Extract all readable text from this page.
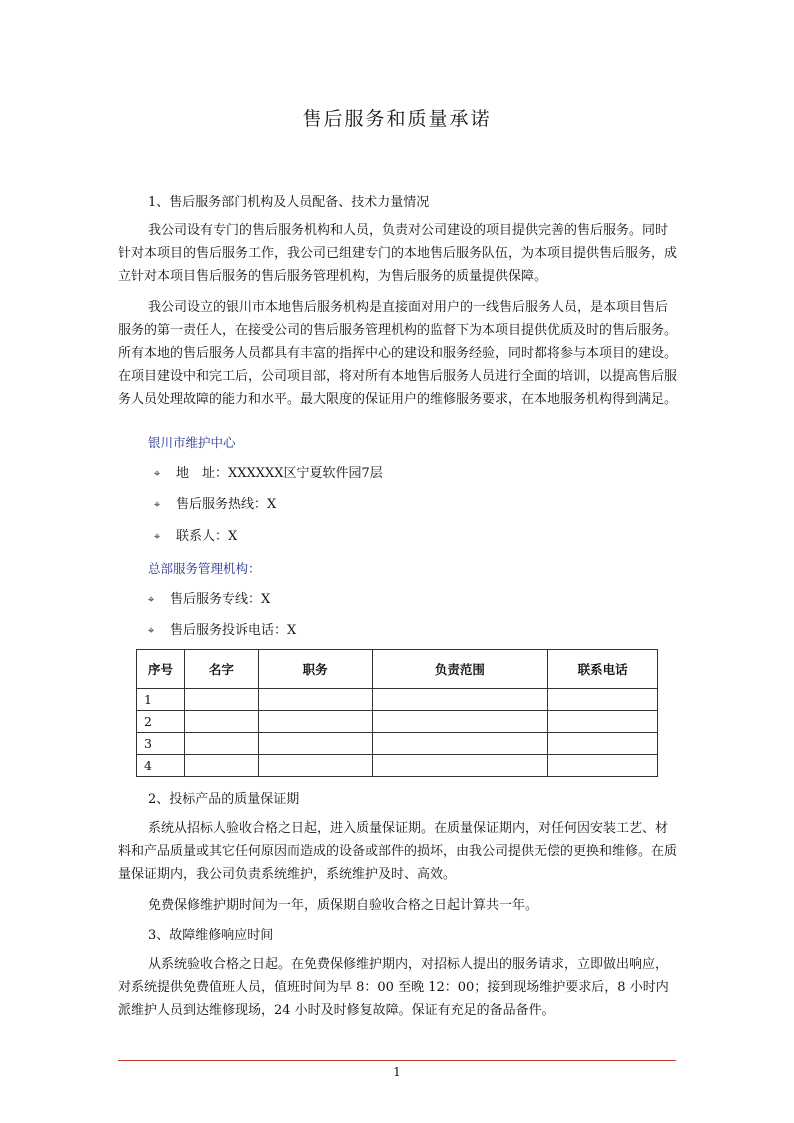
售后服务和质量承诺

1、售后服务部门机构及人员配备、技术力量情况

我公司设有专门的售后服务机构和人员，负责对公司建设的项目提供完善的售后服务。同时针对本项目的售后服务工作，我公司已组建专门的本地售后服务队伍，为本项目提供售后服务，成立针对本项目售后服务的售后服务管理机构，为售后服务的质量提供保障。

我公司设立的银川市本地售后服务机构是直接面对用户的一线售后服务人员，是本项目售后服务的第一责任人，在接受公司的售后服务管理机构的监督下为本项目提供优质及时的售后服务。所有本地的售后服务人员都具有丰富的指挥中心的建设和服务经验，同时都将参与本项目的建设。在项目建设中和完工后，公司项目部，将对所有本地售后服务人员进行全面的培训，以提高售后服务人员处理故障的能力和水平。最大限度的保证用户的维修服务要求，在本地服务机构得到满足。

银川市维护中心

⌖ 地　址：XXXXXX区宁夏软件园7层
⌖ 售后服务热线：X
⌖ 联系人：X

总部服务管理机构：

⌖ 售后服务专线：X
⌖ 售后服务投诉电话：X
序号	名字	职务	负责范围	联系电话
1				
2				
3				
4				

2、投标产品的质量保证期

系统从招标人验收合格之日起，进入质量保证期。在质量保证期内，对任何因安装工艺、材料和产品质量或其它任何原因而造成的设备或部件的损坏，由我公司提供无偿的更换和维修。在质量保证期内，我公司负责系统维护，系统维护及时、高效。

免费保修维护期时间为一年，质保期自验收合格之日起计算共一年。

3、故障维修响应时间

从系统验收合格之日起。在免费保修维护期内，对招标人提出的服务请求，立即做出响应，对系统提供免费值班人员，值班时间为早 8：00 至晚 12：00；接到现场维护要求后，8 小时内派维护人员到达维修现场，24 小时及时修复故障。保证有充足的备品备件。

1
